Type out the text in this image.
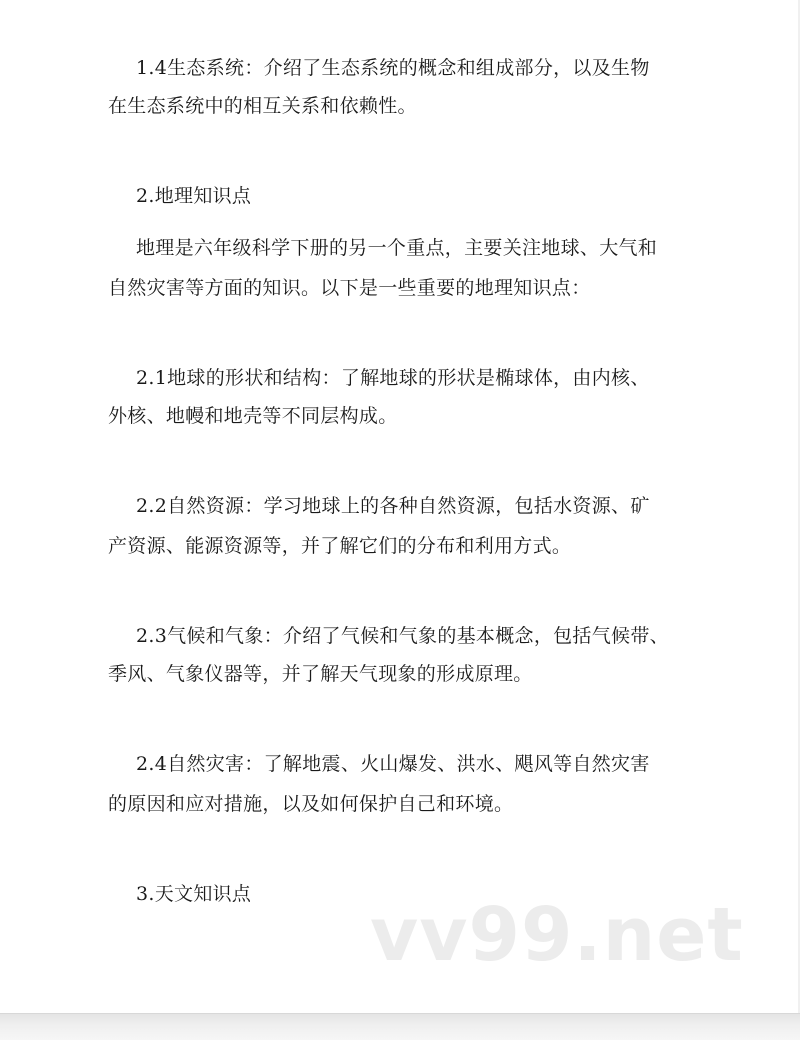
1.4生态系统：介绍了生态系统的概念和组成部分，以及生物
在生态系统中的相互关系和依赖性。
2.地理知识点
地理是六年级科学下册的另一个重点，主要关注地球、大气和
自然灾害等方面的知识。以下是一些重要的地理知识点：
2.1地球的形状和结构：了解地球的形状是椭球体，由内核、
外核、地幔和地壳等不同层构成。
2.2自然资源：学习地球上的各种自然资源，包括水资源、矿
产资源、能源资源等，并了解它们的分布和利用方式。
2.3气候和气象：介绍了气候和气象的基本概念，包括气候带、
季风、气象仪器等，并了解天气现象的形成原理。
2.4自然灾害：了解地震、火山爆发、洪水、飓风等自然灾害
的原因和应对措施，以及如何保护自己和环境。
3.天文知识点 vv99.net
